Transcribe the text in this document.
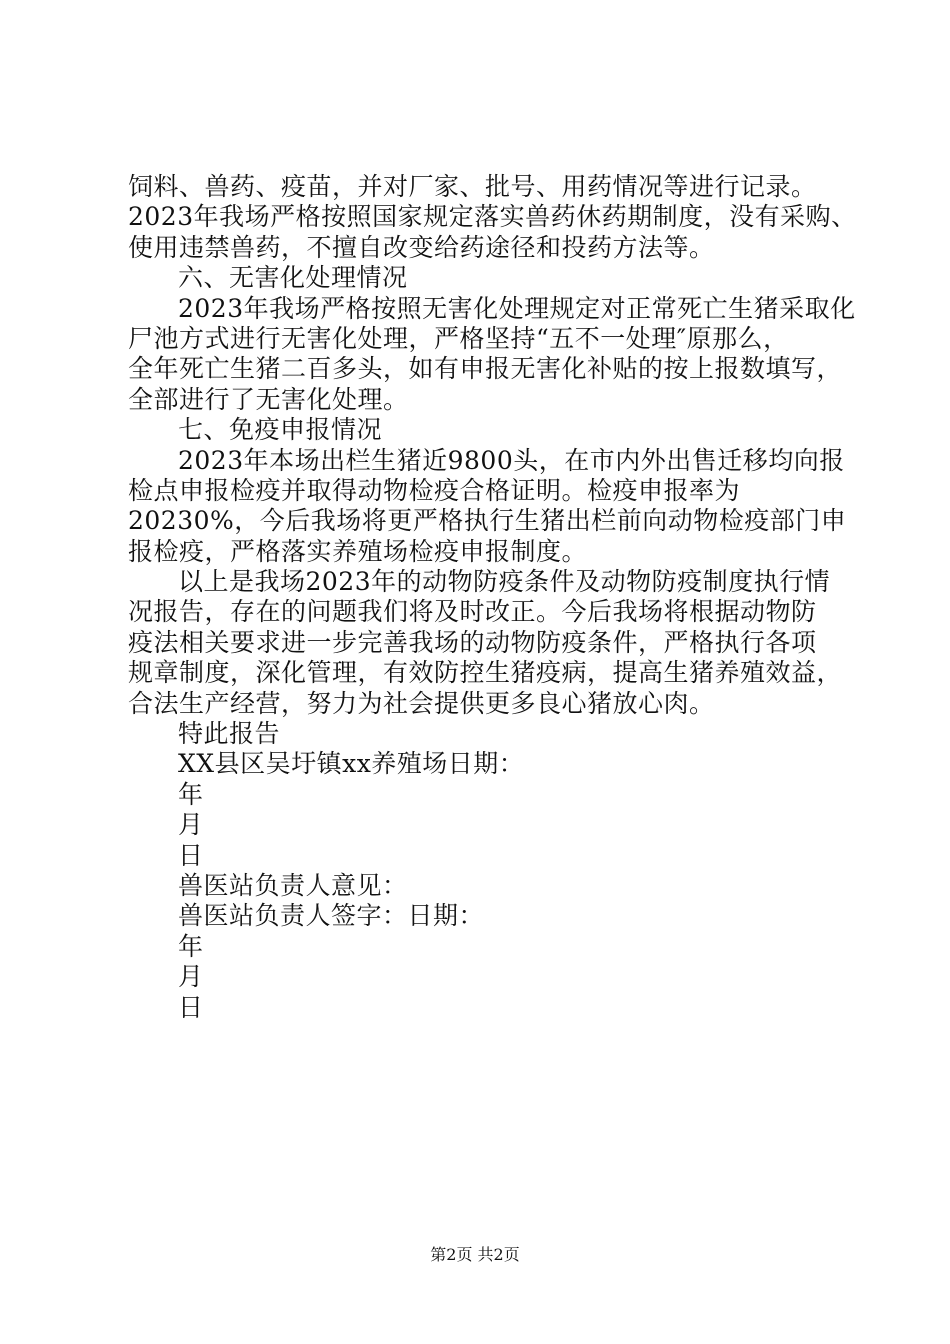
饲料、兽药、疫苗，并对厂家、批号、用药情况等进行记录。
2023年我场严格按照国家规定落实兽药休药期制度，没有采购、
使用违禁兽药，不擅自改变给药途径和投药方法等。
六、无害化处理情况
2023年我场严格按照无害化处理规定对正常死亡生猪采取化
尸池方式进行无害化处理，严格坚持“五不一处理″原那么，
全年死亡生猪二百多头，如有申报无害化补贴的按上报数填写，
全部进行了无害化处理。
七、免疫申报情况
2023年本场出栏生猪近9800头，在市内外出售迁移均向报
检点申报检疫并取得动物检疫合格证明。检疫申报率为
20230%，今后我场将更严格执行生猪出栏前向动物检疫部门申
报检疫，严格落实养殖场检疫申报制度。
以上是我场2023年的动物防疫条件及动物防疫制度执行情
况报告，存在的问题我们将及时改正。今后我场将根据动物防
疫法相关要求进一步完善我场的动物防疫条件，严格执行各项
规章制度，深化管理，有效防控生猪疫病，提高生猪养殖效益，
合法生产经营，努力为社会提供更多良心猪放心肉。
特此报告
XX县区吴圩镇xx养殖场日期：
年
月
日
兽医站负责人意见：
兽医站负责人签字：日期：
年
月
日
第2页 共2页
